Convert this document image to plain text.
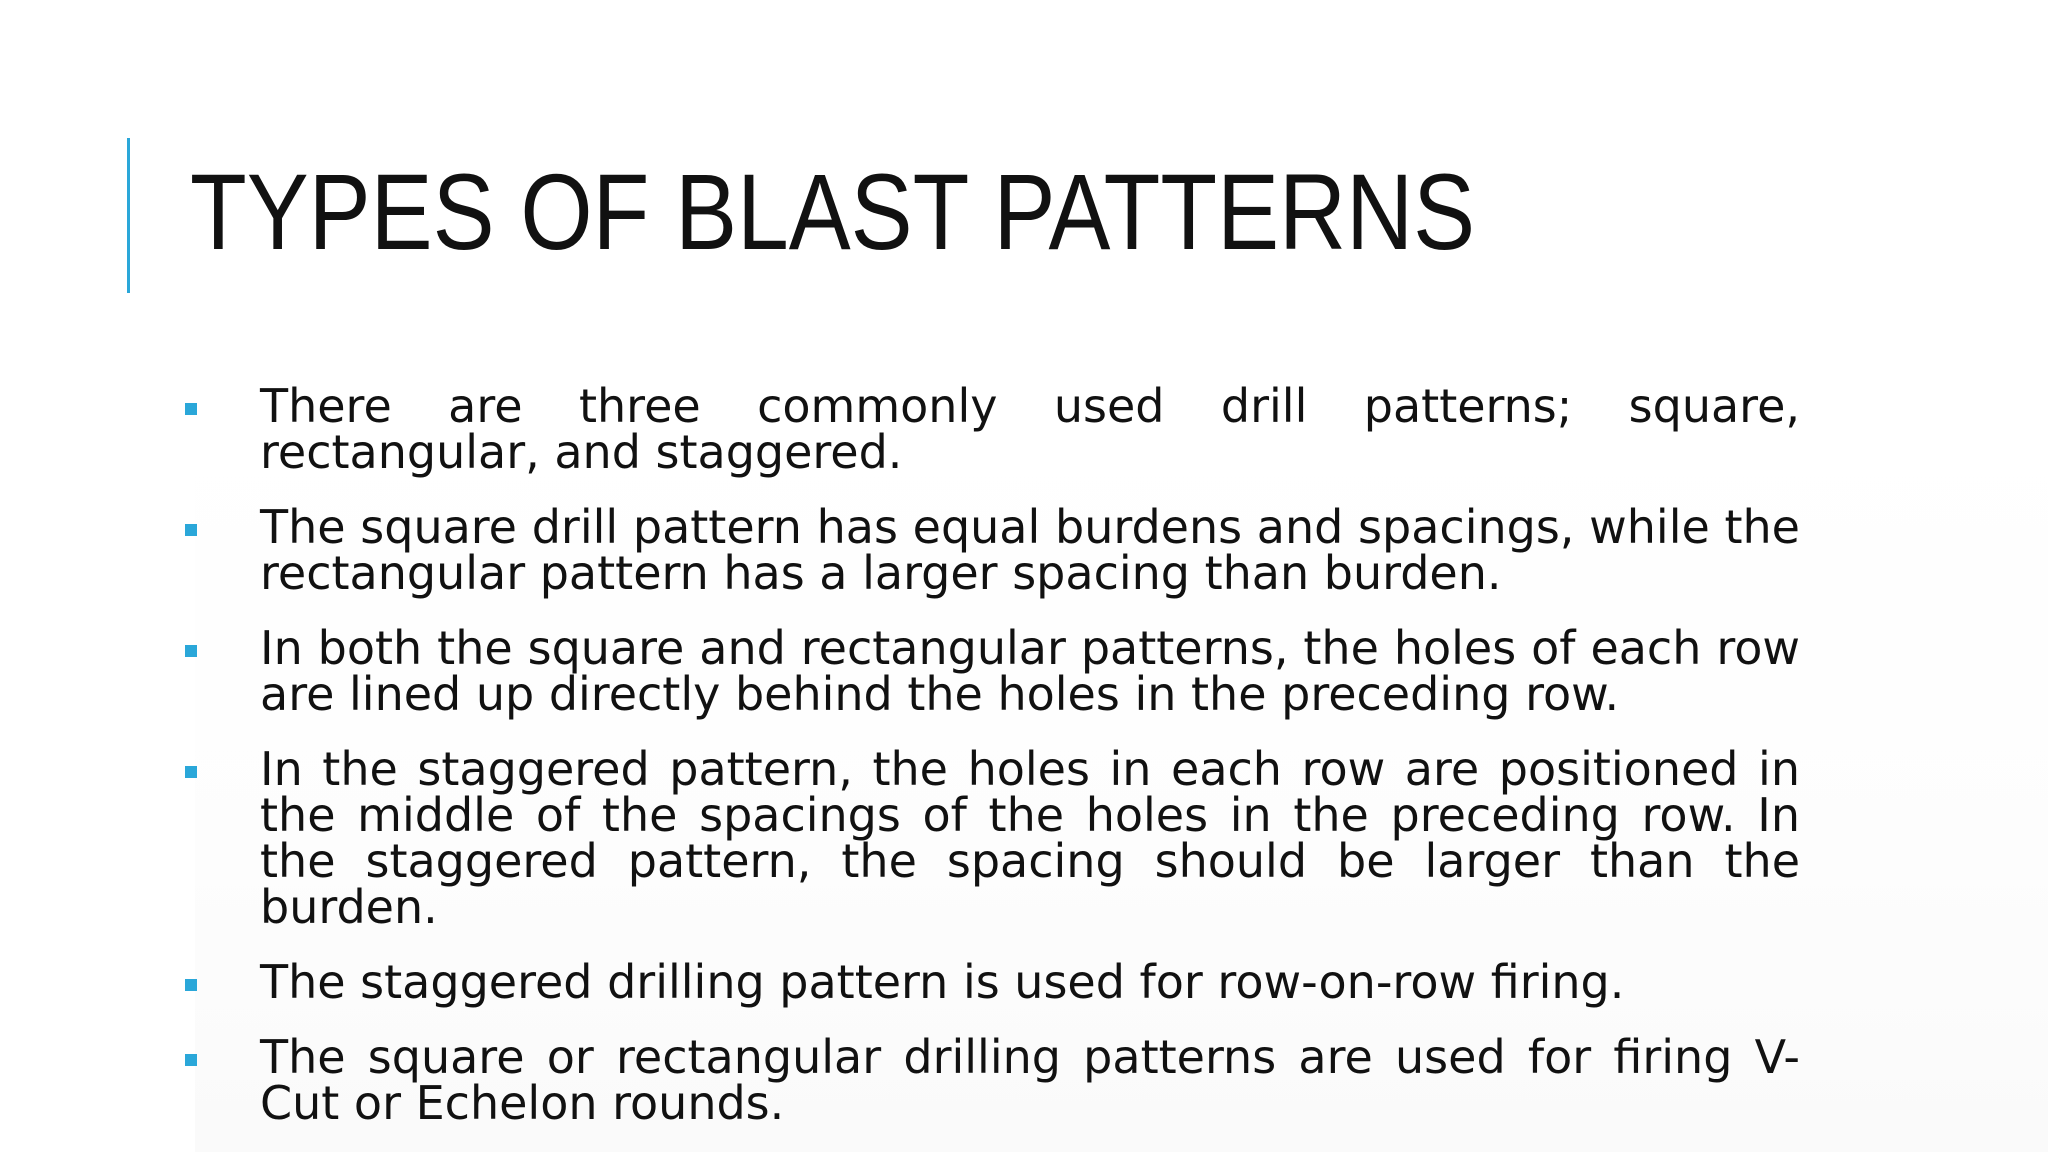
TYPES OF BLAST PATTERNS
There are three commonly used drill patterns; square, rectangular, and staggered.
The square drill pattern has equal burdens and spacings, while the rectangular pattern has a larger spacing than burden.
In both the square and rectangular patterns, the holes of each row are lined up directly behind the holes in the preceding row.
In the staggered pattern, the holes in each row are positioned in the middle of the spacings of the holes in the preceding row. In the staggered pattern, the spacing should be larger than the burden.
The staggered drilling pattern is used for row-on-row firing.
The square or rectangular drilling patterns are used for firing V-Cut or Echelon rounds.
